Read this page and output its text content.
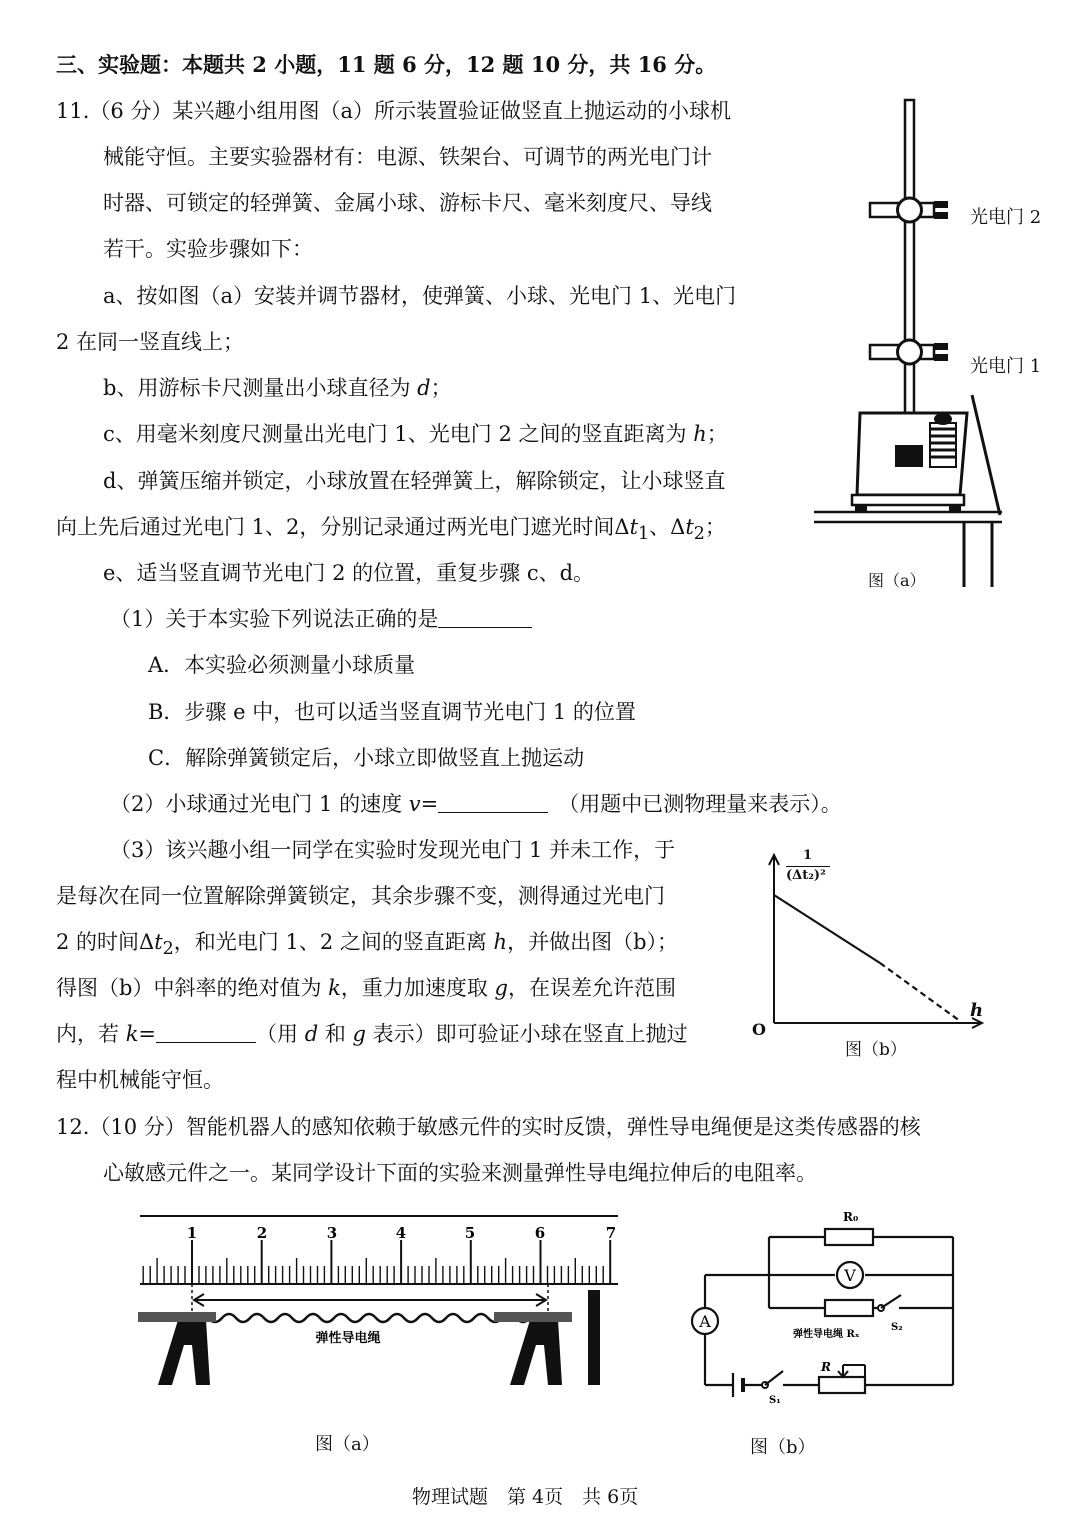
三、实验题：本题共 2 小题，11 题 6 分，12 题 10 分，共 16 分。
11.（6 分）某兴趣小组用图（a）所示装置验证做竖直上抛运动的小球机
械能守恒。主要实验器材有：电源、铁架台、可调节的两光电门计
时器、可锁定的轻弹簧、金属小球、游标卡尺、毫米刻度尺、导线
若干。实验步骤如下：
a、按如图（a）安装并调节器材，使弹簧、小球、光电门 1、光电门
2 在同一竖直线上；
b、用游标卡尺测量出小球直径为 d；
c、用毫米刻度尺测量出光电门 1、光电门 2 之间的竖直距离为 h；
d、弹簧压缩并锁定，小球放置在轻弹簧上，解除锁定，让小球竖直
向上先后通过光电门 1、2，分别记录通过两光电门遮光时间$\Delta t_1$、$\Delta t_2$；
e、适当竖直调节光电门 2 的位置，重复步骤 c、d。
（1）关于本实验下列说法正确的是
A．本实验必须测量小球质量
B．步骤 e 中，也可以适当竖直调节光电门 1 的位置
C．解除弹簧锁定后，小球立即做竖直上抛运动
（2）小球通过光电门 1 的速度 v=	（用题中已测物理量来表示）。
（3）该兴趣小组一同学在实验时发现光电门 1 并未工作，于
是每次在同一位置解除弹簧锁定，其余步骤不变，测得通过光电门
2 的时间$\Delta t_2$，和光电门 1、2 之间的竖直距离 h，并做出图（b）；
得图（b）中斜率的绝对值为 k，重力加速度取 g，在误差允许范围
内，若 k=	（用 d 和 g 表示）即可验证小球在竖直上抛过
程中机械能守恒。
光电门 2
光电门 1
图（a）
1
(Δt₂)²
h
O
图（b）
12.（10 分）智能机器人的感知依赖于敏感元件的实时反馈，弹性导电绳便是这类传感器的核
心敏感元件之一。某同学设计下面的实验来测量弹性导电绳拉伸后的电阻率。
1	2	3	4	5	6	7
弹性导电绳
图（a）
R₀
V
弹性导电绳 Rₓ
S₂
A
S₁
R
图（b）
物理试题　第 4页　共 6页
